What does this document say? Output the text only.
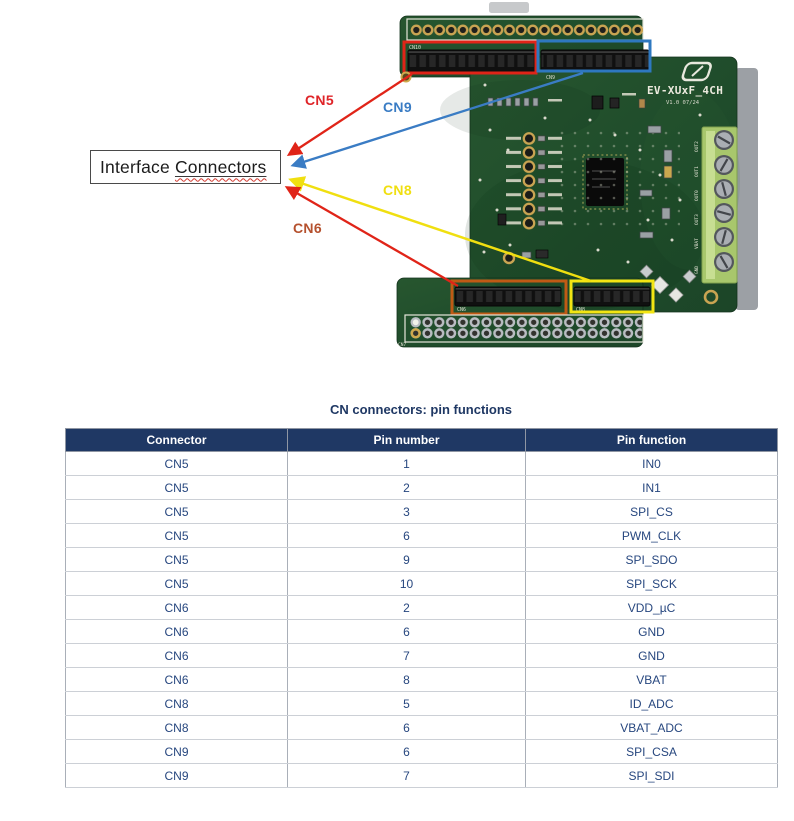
CN10
CN9
EV-XUxF_4CH
V1.0 07/24
OUT2
OUT1
OUT0
OUT3
VBAT
GND
CN6	CN8
CN7
Interface Connectors
CN5	CN9
CN8
CN6
CN connectors: pin functions
Connector	Pin number	Pin function
CN5	1	IN0
CN5	2	IN1
CN5	3	SPI_CS
CN5	6	PWM_CLK
CN5	9	SPI_SDO
CN5	10	SPI_SCK
CN6	2	VDD_µC
CN6	6	GND
CN6	7	GND
CN6	8	VBAT
CN8	5	ID_ADC
CN8	6	VBAT_ADC
CN9	6	SPI_CSA
CN9	7	SPI_SDI
